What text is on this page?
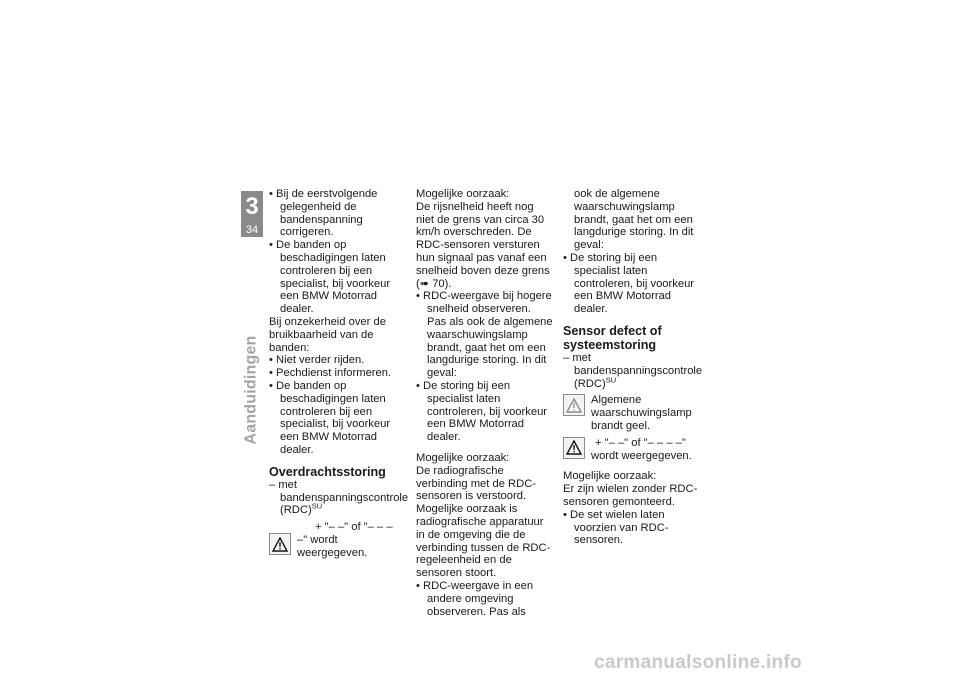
3
34
Aanduidingen

• Bij de eerstvolgende gelegenheid de bandenspanning corrigeren.

• De banden op beschadigingen laten controleren bij een specialist, bij voorkeur een BMW Motorrad dealer.

Bij onzekerheid over de bruikbaarheid van de banden:

• Niet verder rijden.

• Pechdienst informeren.

• De banden op beschadigingen laten controleren bij een specialist, bij voorkeur een BMW Motorrad dealer.

Overdrachtsstoring

– met bandenspanningscontrole (RDC)$^{SU}$

+ "– –" of "– – – –" wordt weergegeven.

Mogelijke oorzaak:

De rijsnelheid heeft nog niet de grens van circa 30 km/h overschreden. De RDC-sensoren versturen hun signaal pas vanaf een snelheid boven deze grens (➠ 70).

• RDC-weergave bij hogere snelheid observeren. Pas als ook de algemene waarschuwingslamp brandt, gaat het om een langdurige storing. In dit geval:

• De storing bij een specialist laten controleren, bij voorkeur een BMW Motorrad dealer.

Mogelijke oorzaak:

De radiografische verbinding met de RDC-sensoren is verstoord. Mogelijke oorzaak is radiografische apparatuur in de omgeving die de verbinding tussen de RDC-regeleenheid en de sensoren stoort.

• RDC-weergave in een andere omgeving observeren. Pas als

ook de algemene waarschuwingslamp brandt, gaat het om een langdurige storing. In dit geval:

• De storing bij een specialist laten controleren, bij voorkeur een BMW Motorrad dealer.

Sensor defect of systeemstoring

– met bandenspanningscontrole (RDC)$^{SU}$

Algemene waarschuwingslamp brandt geel.

+ "– –" of "– – – –" wordt weergegeven.

Mogelijke oorzaak:

Er zijn wielen zonder RDC-sensoren gemonteerd.

• De set wielen laten voorzien van RDC-sensoren.

carmanualsonline.info
